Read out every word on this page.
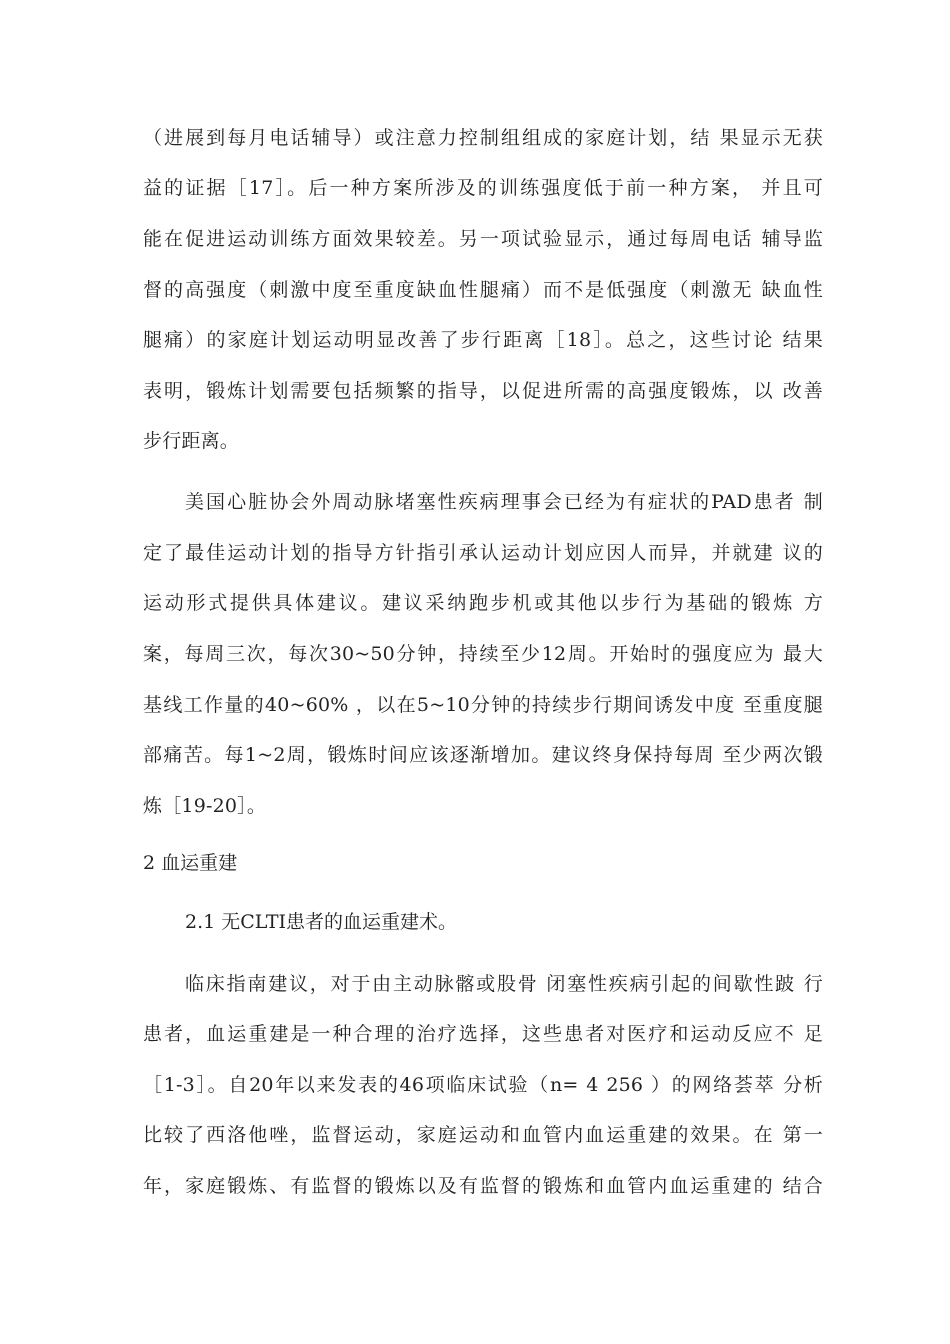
（进展到每月电话辅导）或注意力控制组组成的家庭计划，结 果显示无获
益的证据［17］。后一种方案所涉及的训练强度低于前一种方案， 并且可
能在促进运动训练方面效果较差。另一项试验显示，通过每周电话 辅导监
督的高强度（刺激中度至重度缺血性腿痛）而不是低强度（刺激无 缺血性
腿痛）的家庭计划运动明显改善了步行距离［18］。总之，这些讨论 结果
表明，锻炼计划需要包括频繁的指导，以促进所需的高强度锻炼，以 改善
步行距离。
美国心脏协会外周动脉堵塞性疾病理事会已经为有症状的PAD患者 制
定了最佳运动计划的指导方针指引承认运动计划应因人而异，并就建 议的
运动形式提供具体建议。建议采纳跑步机或其他以步行为基础的锻炼 方
案，每周三次，每次30~50分钟，持续至少12周。开始时的强度应为 最大
基线工作量的40~60% ，以在5~10分钟的持续步行期间诱发中度 至重度腿
部痛苦。每1~2周，锻炼时间应该逐渐增加。建议终身保持每周 至少两次锻
炼［19-20］。
2 血运重建
2.1 无CLTI患者的血运重建术。
临床指南建议，对于由主动脉髂或股骨 闭塞性疾病引起的间歇性跛 行
患者，血运重建是一种合理的治疗选择，这些患者对医疗和运动反应不 足
［1-3］。自20年以来发表的46项临床试验（n= 4 256 ）的网络荟萃 分析
比较了西洛他唑，监督运动，家庭运动和血管内血运重建的效果。在 第一
年，家庭锻炼、有监督的锻炼以及有监督的锻炼和血管内血运重建的 结合
